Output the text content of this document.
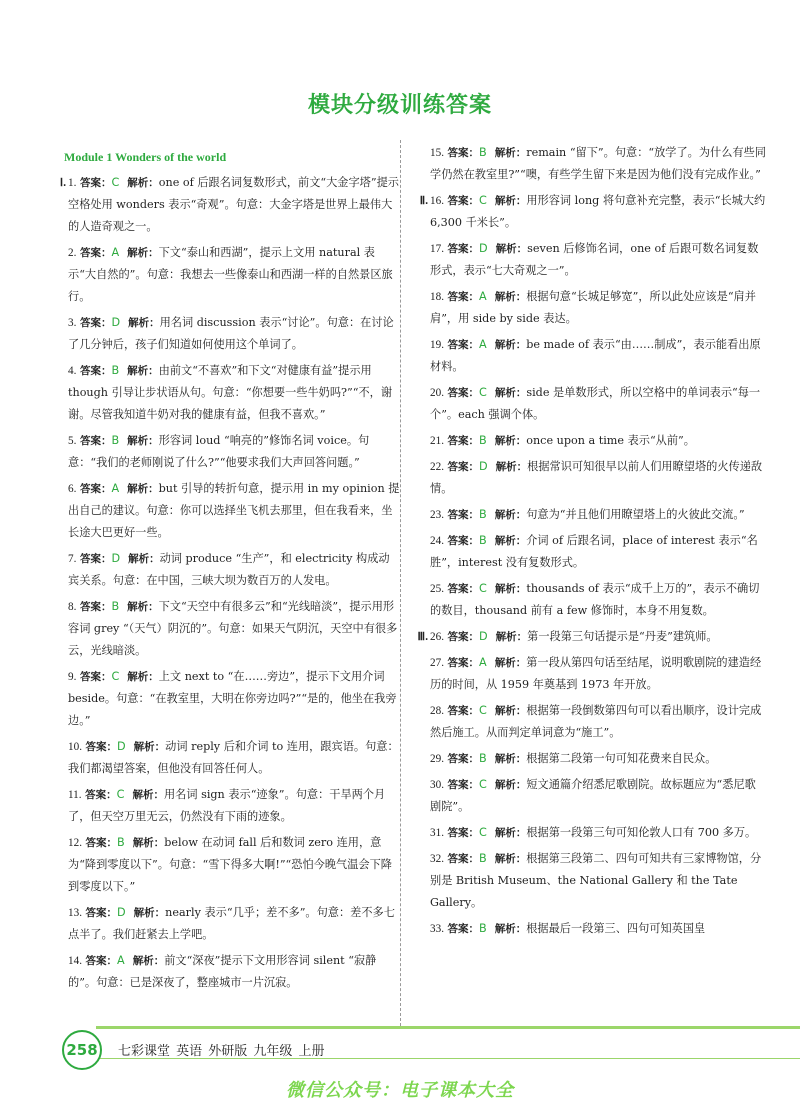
模块分级训练答案
Module 1 Wonders of the world
Ⅰ. 1. 答案：C 解析：one of 后跟名词复数形式，前文“大金字塔”提示空格处用 wonders 表示“奇观”。句意：大金字塔是世界上最伟大的人造奇观之一。
2. 答案：A 解析：下文“泰山和西湖”，提示上文用 natural 表示“大自然的”。句意：我想去一些像泰山和西湖一样的自然景区旅行。
3. 答案：D 解析：用名词 discussion 表示“讨论”。句意：在讨论了几分钟后，孩子们知道如何使用这个单词了。
4. 答案：B 解析：由前文“不喜欢”和下文“对健康有益”提示用 though 引导让步状语从句。句意：“你想要一些牛奶吗?”“不，谢谢。尽管我知道牛奶对我的健康有益，但我不喜欢。”
5. 答案：B 解析：形容词 loud “响亮的”修饰名词 voice。句意：“我们的老师刚说了什么?”“他要求我们大声回答问题。”
6. 答案：A 解析：but 引导的转折句意，提示用 in my opinion 提出自己的建议。句意：你可以选择坐飞机去那里，但在我看来，坐长途大巴更好一些。
7. 答案：D 解析：动词 produce “生产”，和 electricity 构成动宾关系。句意：在中国，三峡大坝为数百万的人发电。
8. 答案：B 解析：下文“天空中有很多云”和“光线暗淡”，提示用形容词 grey “（天气）阴沉的”。句意：如果天气阴沉，天空中有很多云，光线暗淡。
9. 答案：C 解析：上文 next to “在……旁边”，提示下文用介词 beside。句意：“在教室里，大明在你旁边吗?”“是的，他坐在我旁边。”
10. 答案：D 解析：动词 reply 后和介词 to 连用，跟宾语。句意：我们都渴望答案，但他没有回答任何人。
11. 答案：C 解析：用名词 sign 表示“迹象”。句意：干旱两个月了，但天空万里无云，仍然没有下雨的迹象。
12. 答案：B 解析：below 在动词 fall 后和数词 zero 连用，意为“降到零度以下”。句意：“雪下得多大啊!”“恐怕今晚气温会下降到零度以下。”
13. 答案：D 解析：nearly 表示“几乎；差不多”。句意：差不多七点半了。我们赶紧去上学吧。
14. 答案：A 解析：前文“深夜”提示下文用形容词 silent “寂静的”。句意：已是深夜了，整座城市一片沉寂。
15. 答案：B 解析：remain “留下”。句意：“放学了。为什么有些同学仍然在教室里?”“噢，有些学生留下来是因为他们没有完成作业。”
Ⅱ. 16. 答案：C 解析：用形容词 long 将句意补充完整，表示“长城大约 6,300 千米长”。
17. 答案：D 解析：seven 后修饰名词，one of 后跟可数名词复数形式，表示“七大奇观之一”。
18. 答案：A 解析：根据句意“长城足够宽”，所以此处应该是“肩并肩”，用 side by side 表达。
19. 答案：A 解析：be made of 表示“由……制成”，表示能看出原材料。
20. 答案：C 解析：side 是单数形式，所以空格中的单词表示“每一个”。each 强调个体。
21. 答案：B 解析：once upon a time 表示“从前”。
22. 答案：D 解析：根据常识可知很早以前人们用瞭望塔的火传递敌情。
23. 答案：B 解析：句意为“并且他们用瞭望塔上的火彼此交流。”
24. 答案：B 解析：介词 of 后跟名词，place of interest 表示“名胜”，interest 没有复数形式。
25. 答案：C 解析：thousands of 表示“成千上万的”，表示不确切的数目，thousand 前有 a few 修饰时，本身不用复数。
Ⅲ. 26. 答案：D 解析：第一段第三句话提示是“丹麦”建筑师。
27. 答案：A 解析：第一段从第四句话至结尾，说明歌剧院的建造经历的时间，从 1959 年奠基到 1973 年开放。
28. 答案：C 解析：根据第一段倒数第四句可以看出顺序，设计完成然后施工。从而判定单词意为“施工”。
29. 答案：B 解析：根据第二段第一句可知花费来自民众。
30. 答案：C 解析：短文通篇介绍悉尼歌剧院。故标题应为“悉尼歌剧院”。
31. 答案：C 解析：根据第一段第三句可知伦敦人口有 700 多万。
32. 答案：B 解析：根据第三段第二、四句可知共有三家博物馆，分别是 British Museum、the National Gallery 和 the Tate Gallery。
33. 答案：B 解析：根据最后一段第三、四句可知英国皇
258	七彩课堂 英语 外研版 九年级 上册
微信公众号：电子课本大全
